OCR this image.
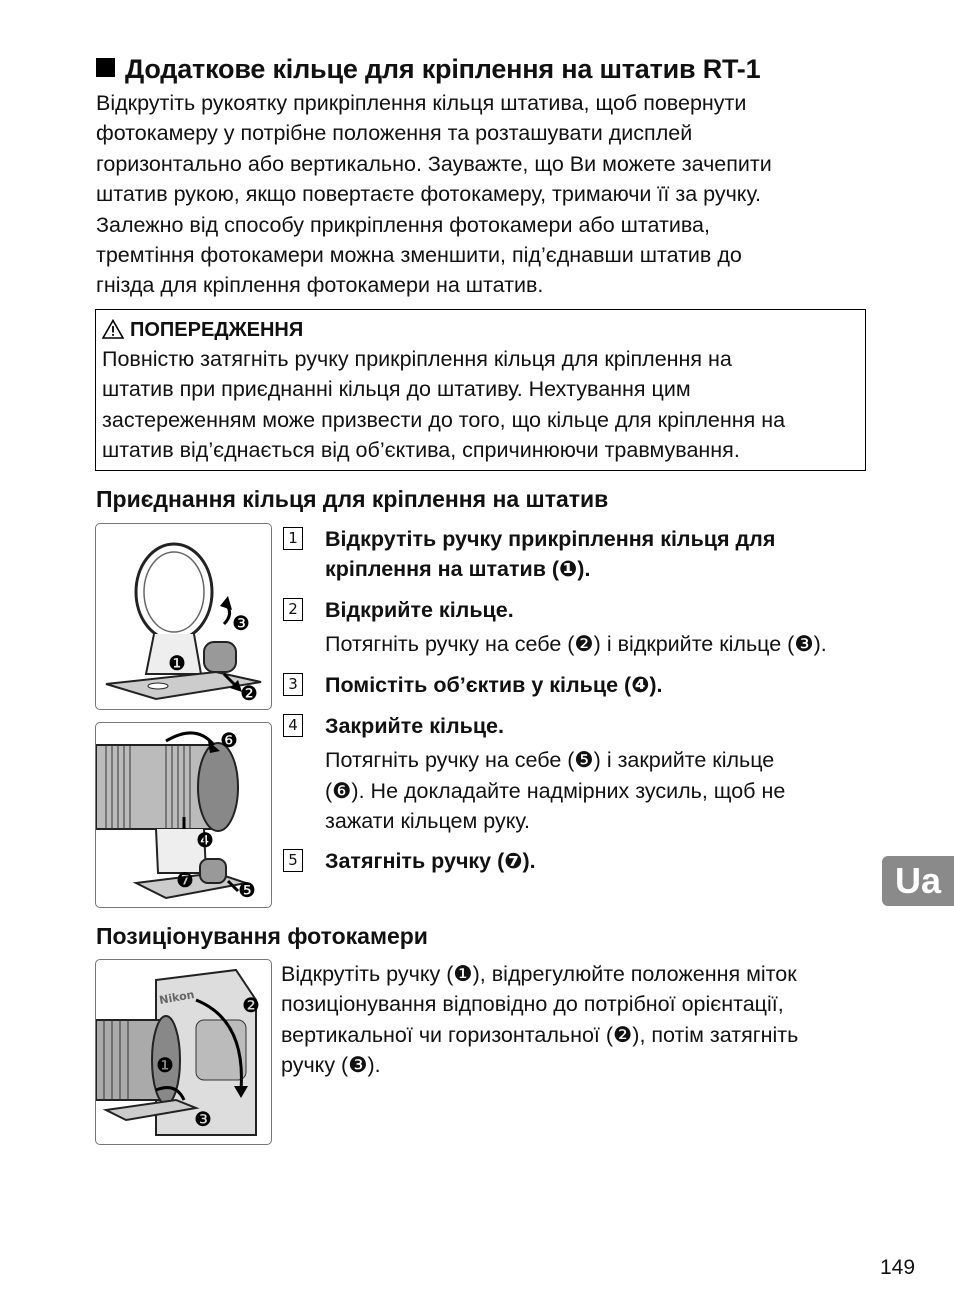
Додаткове кільце для кріплення на штатив RT-1

Відкрутіть рукоятку прикріплення кільця штатива, щоб повернути

фотокамеру у потрібне положення та розташувати дисплей

горизонтально або вертикально. Зауважте, що Ви можете зачепити

штатив рукою, якщо повертаєте фотокамеру, тримаючи її за ручку.

Залежно від способу прикріплення фотокамери або штатива,

тремтіння фотокамери можна зменшити, під’єднавши штатив до

гнізда для кріплення фотокамери на штатив.

ПОПЕРЕДЖЕННЯ

Повністю затягніть ручку прикріплення кільця для кріплення на

штатив при приєднанні кільця до штативу. Нехтування цим

застереженням може призвести до того, що кільце для кріплення на

штатив від’єднається від об’єктива, спричинюючи травмування.

Приєднання кільця для кріплення на штатив
❸
❶
❷
❻
❹
❼ ❺
1 Відкрутіть ручку прикріплення кільця для

кріплення на штатив (❶).

2 Відкрийте кільце.

Потягніть ручку на себе (❷) і відкрийте кільце (❸).

3 Помістіть об’єктив у кільце (❹).

4 Закрийте кільце.

Потягніть ручку на себе (❺) і закрийте кільце

(❻). Не докладайте надмірних зусиль, щоб не

зажати кільцем руку.

5 Затягніть ручку (❼).	Ua
Позиціонування фотокамери
Nikon ❷
❶
❸

Відкрутіть ручку (❶), відрегулюйте положення міток

позиціонування відповідно до потрібної орієнтації,

вертикальної чи горизонтальної (❷), потім затягніть

ручку (❸).

149
